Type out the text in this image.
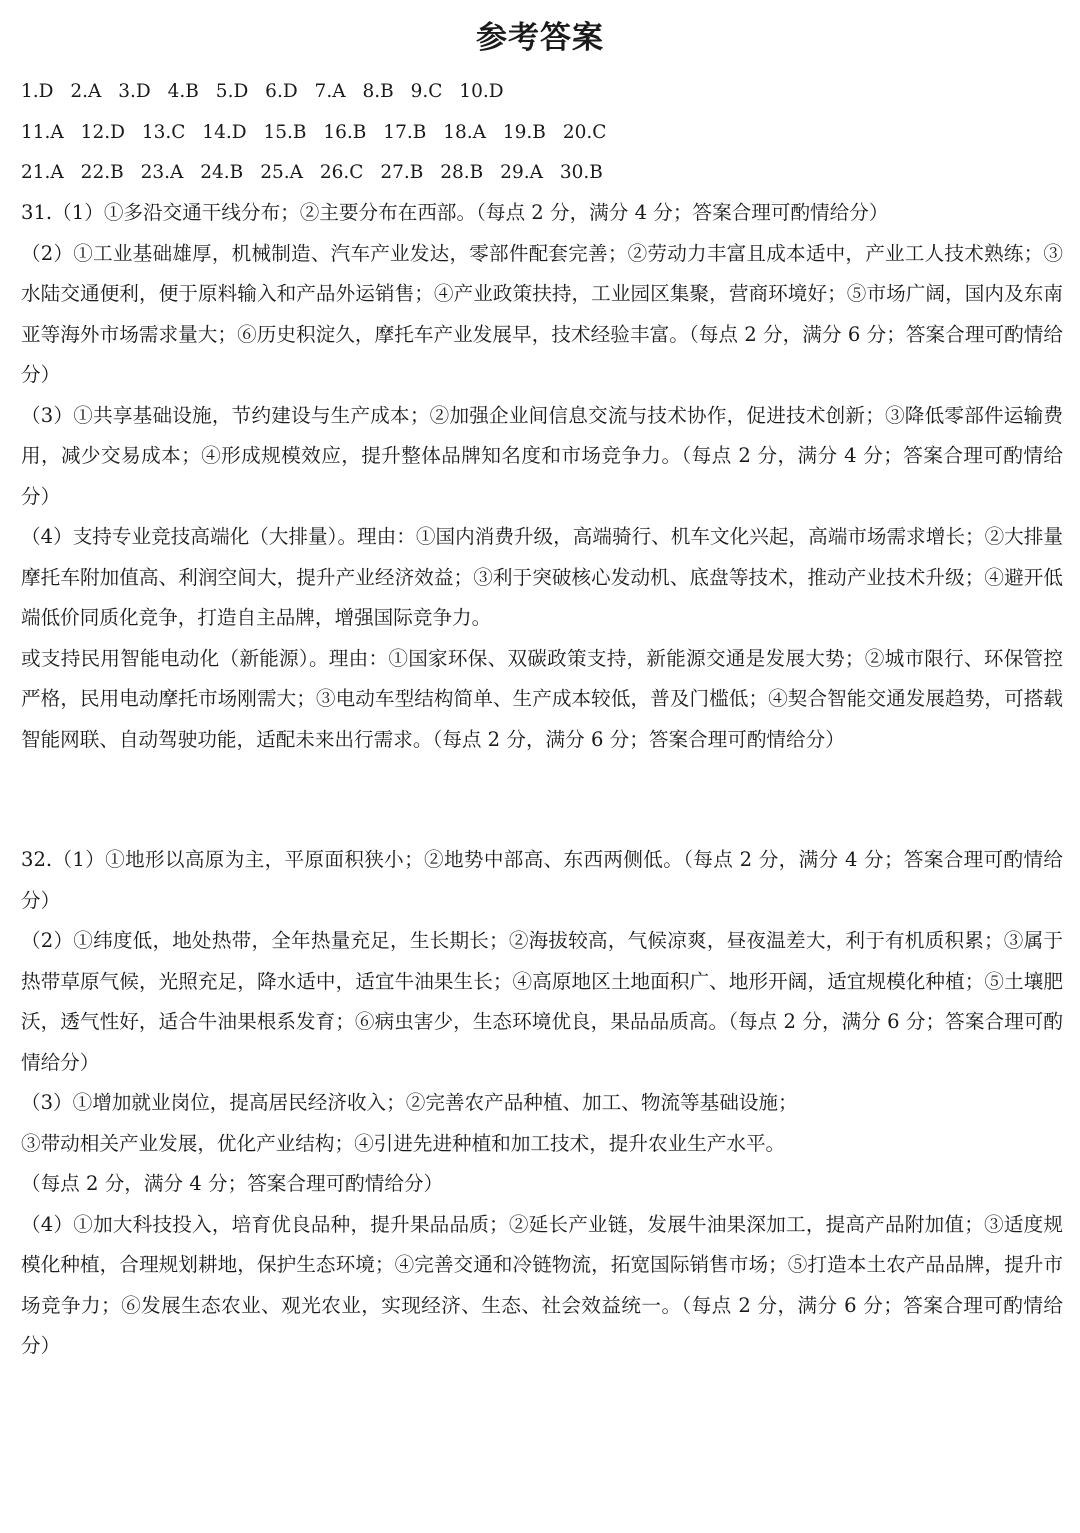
参考答案
1.D 2.A 3.D 4.B 5.D 6.D 7.A 8.B 9.C 10.D
11.A 12.D 13.C 14.D 15.B 16.B 17.B 18.A 19.B 20.C
21.A 22.B 23.A 24.B 25.A 26.C 27.B 28.B 29.A 30.B

31.（1）①多沿交通干线分布；②主要分布在西部。（每点 2 分，满分 4 分；答案合理可酌情给分）

（2）①工业基础雄厚，机械制造、汽车产业发达，零部件配套完善；②劳动力丰富且成本适中，产业工人技术熟练；③水陆交通便利，便于原料输入和产品外运销售；④产业政策扶持，工业园区集聚，营商环境好；⑤市场广阔，国内及东南亚等海外市场需求量大；⑥历史积淀久，摩托车产业发展早，技术经验丰富。（每点 2 分，满分 6 分；答案合理可酌情给分）

（3）①共享基础设施，节约建设与生产成本；②加强企业间信息交流与技术协作，促进技术创新；③降低零部件运输费用，减少交易成本；④形成规模效应，提升整体品牌知名度和市场竞争力。（每点 2 分，满分 4 分；答案合理可酌情给分）

（4）支持专业竞技高端化（大排量）。理由：①国内消费升级，高端骑行、机车文化兴起，高端市场需求增长；②大排量摩托车附加值高、利润空间大，提升产业经济效益；③利于突破核心发动机、底盘等技术，推动产业技术升级；④避开低端低价同质化竞争，打造自主品牌，增强国际竞争力。

或支持民用智能电动化（新能源）。理由：①国家环保、双碳政策支持，新能源交通是发展大势；②城市限行、环保管控严格，民用电动摩托市场刚需大；③电动车型结构简单、生产成本较低，普及门槛低；④契合智能交通发展趋势，可搭载智能网联、自动驾驶功能，适配未来出行需求。（每点 2 分，满分 6 分；答案合理可酌情给分）

32.（1）①地形以高原为主，平原面积狭小；②地势中部高、东西两侧低。（每点 2 分，满分 4 分；答案合理可酌情给分）

（2）①纬度低，地处热带，全年热量充足，生长期长；②海拔较高，气候凉爽，昼夜温差大，利于有机质积累；③属于热带草原气候，光照充足，降水适中，适宜牛油果生长；④高原地区土地面积广、地形开阔，适宜规模化种植；⑤土壤肥沃，透气性好，适合牛油果根系发育；⑥病虫害少，生态环境优良，果品品质高。（每点 2 分，满分 6 分；答案合理可酌情给分）

（3）①增加就业岗位，提高居民经济收入；②完善农产品种植、加工、物流等基础设施；

③带动相关产业发展，优化产业结构；④引进先进种植和加工技术，提升农业生产水平。

（每点 2 分，满分 4 分；答案合理可酌情给分）

（4）①加大科技投入，培育优良品种，提升果品品质；②延长产业链，发展牛油果深加工，提高产品附加值；③适度规模化种植，合理规划耕地，保护生态环境；④完善交通和冷链物流，拓宽国际销售市场；⑤打造本土农产品品牌，提升市场竞争力；⑥发展生态农业、观光农业，实现经济、生态、社会效益统一。（每点 2 分，满分 6 分；答案合理可酌情给分）
